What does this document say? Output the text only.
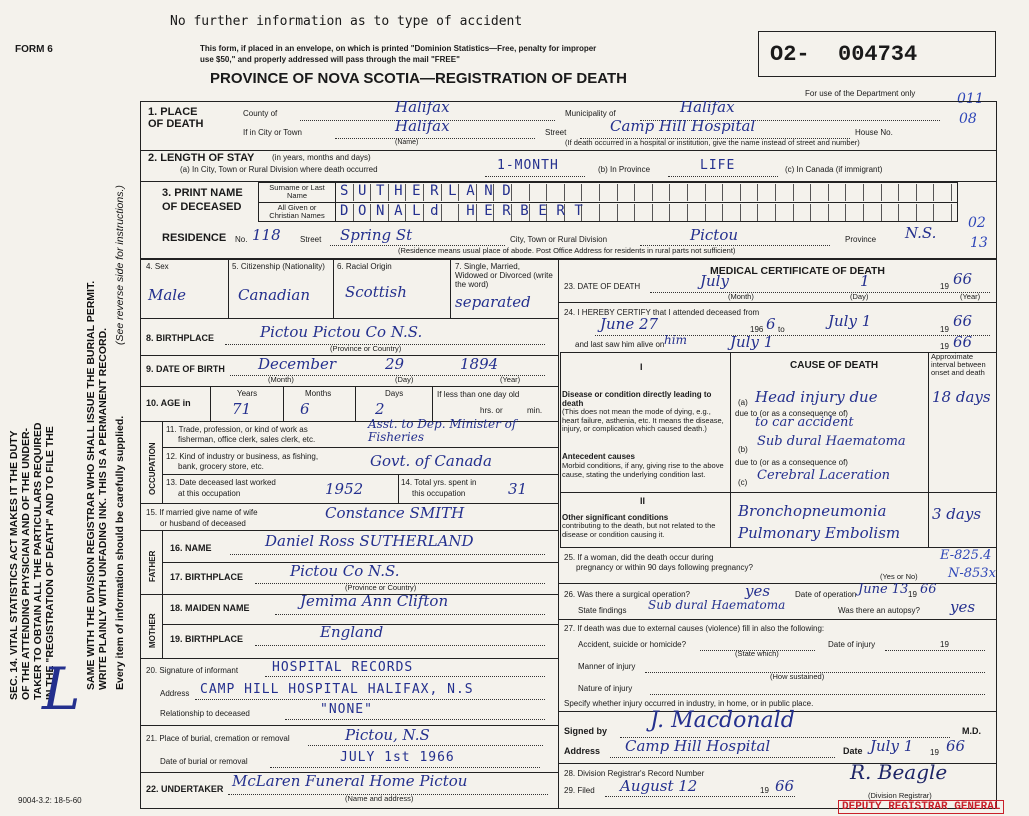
SEC. 14. VITAL STATISTICS ACT MAKES IT THE DUTY OF THE ATTENDING PHYSICIAN AND OF THE UNDER- TAKER TO OBTAIN ALL THE PARTICULARS REQUIRED IN THE "REGISTRATION OF DEATH" AND TO FILE THE	SAME WITH THE DIVISION REGISTRAR WHO SHALL ISSUE THE BURIAL PERMIT. WRITE PLAINLY WITH UNFADING INK. THIS IS A PERMANENT RECORD. Every item of information should be carefully supplied.
(See reverse side for instructions.)
L
No further information as to type of accident
FORM 6	This form, if placed in an envelope, on which is printed "Dominion Statistics—Free, penalty for improper
use $50," and properly addressed will pass through the mail "FREE"
PROVINCE OF NOVA SCOTIA—REGISTRATION OF DEATH
O2- 004734
For use of the Department only	011
08
1. PLACE OF DEATH
County of	Halifax	Municipality of	Halifax
If in City or Town	Halifax
(Name)
Street	Camp Hill Hospital	House No.
(If death occurred in a hospital or institution, give the name instead of street and number)
2. LENGTH OF STAY (in years, months and days)
(a) In City, Town or Rural Division where death occurred	1-MONTH	(b) In Province	LIFE	(c) In Canada (if immigrant)
3. PRINT NAME OF DECEASED
Surname or Last Name
All Given or Christian Names
SUTHERLAND
DONALd HERBERT
RESIDENCE No. 118 Street Spring St	City, Town or Rural Division	Pictou	Province N.S.
02
13
(Residence means usual place of abode. Post Office Address for residents in rural parts not sufficient)
4. Sex
Male
5. Citizenship (Nationality)
Canadian
6. Racial Origin
Scottish
7. Single, Married, Widowed or Divorced (write the word)
separated
8. BIRTHPLACE	Pictou Pictou Co N.S.
(Province or Country)
9. DATE OF BIRTH December	29	1894
(Month)	(Day)	(Year)
10. AGE in
Years
71
Months
6
Days
2
If less than one day old
hrs. or	min.
OCCUPATION
11. Trade, profession, or kind of work as
fisherman, office clerk, sales clerk, etc.
Asst. to Dep. Minister of Fisheries
12. Kind of industry or business, as fishing,
bank, grocery store, etc.	Govt. of Canada
13. Date deceased last worked
at this occupation	1952	14. Total yrs. spent in
this occupation	31
15. If married give name of wife
or husband of deceased
Constance SMITH
FATHER
16. NAME	Daniel Ross SUTHERLAND
17. BIRTHPLACE	Pictou Co N.S.
(Province or Country)
MOTHER
18. MAIDEN NAME	Jemima Ann Clifton
19. BIRTHPLACE	England
20. Signature of informant	HOSPITAL RECORDS
Address CAMP HILL HOSPITAL HALIFAX, N.S
Relationship to deceased	"NONE"
21. Place of burial, cremation or removal	Pictou, N.S
Date of burial or removal	JULY 1st 1966
22. UNDERTAKER McLaren Funeral Home Pictou
(Name and address)
9004-3.2: 18-5-60
MEDICAL CERTIFICATE OF DEATH
23. DATE OF DEATH	July	1	19 66
(Month)	(Day)	(Year)
24. I HEREBY CERTIFY that I attended deceased from
June 27	196 6 to	July 1	19 66
and last saw him alive on him	July 1	19 66
CAUSE OF DEATH
Approximate interval between onset and death
I
Disease or condition directly leading to death
(This does not mean the mode of dying, e.g., heart failure, asthenia, etc. It means the disease, injury, or complication which caused death.)
(a) Head injury due	18 days
due to (or as a consequence of)
to car accident
(b)
Sub dural Haematoma
due to (or as a consequence of)
(c) Cerebral Laceration
Antecedent causes
Morbid conditions, if any, giving rise to the above cause, stating the underlying condition last.
II
Other significant conditions
contributing to the death, but not related to the disease or condition causing it.
Bronchopneumonia
Pulmonary Embolism
3 days
25. If a woman, did the death occur during
pregnancy or within 90 days following pregnancy?
E-825.4
N-853x
(Yes or No)
26. Was there a surgical operation?	yes	Date of operation June 13 19 66
State findings Sub dural Haematoma	Was there an autopsy? yes
27. If death was due to external causes (violence) fill in also the following:
Accident, suicide or homicide?	Date of injury	19
(State which)
Manner of injury
(How sustained)
Nature of injury
Specify whether injury occurred in industry, in home, or in public place.
Signed by J. Macdonald	M.D.
Address Camp Hill Hospital	Date July 1 19 66
28. Division Registrar's Record Number
29. Filed August 12	19 66
R. Beagle
(Division Registrar)
DEPUTY REGISTRAR GENERAL
